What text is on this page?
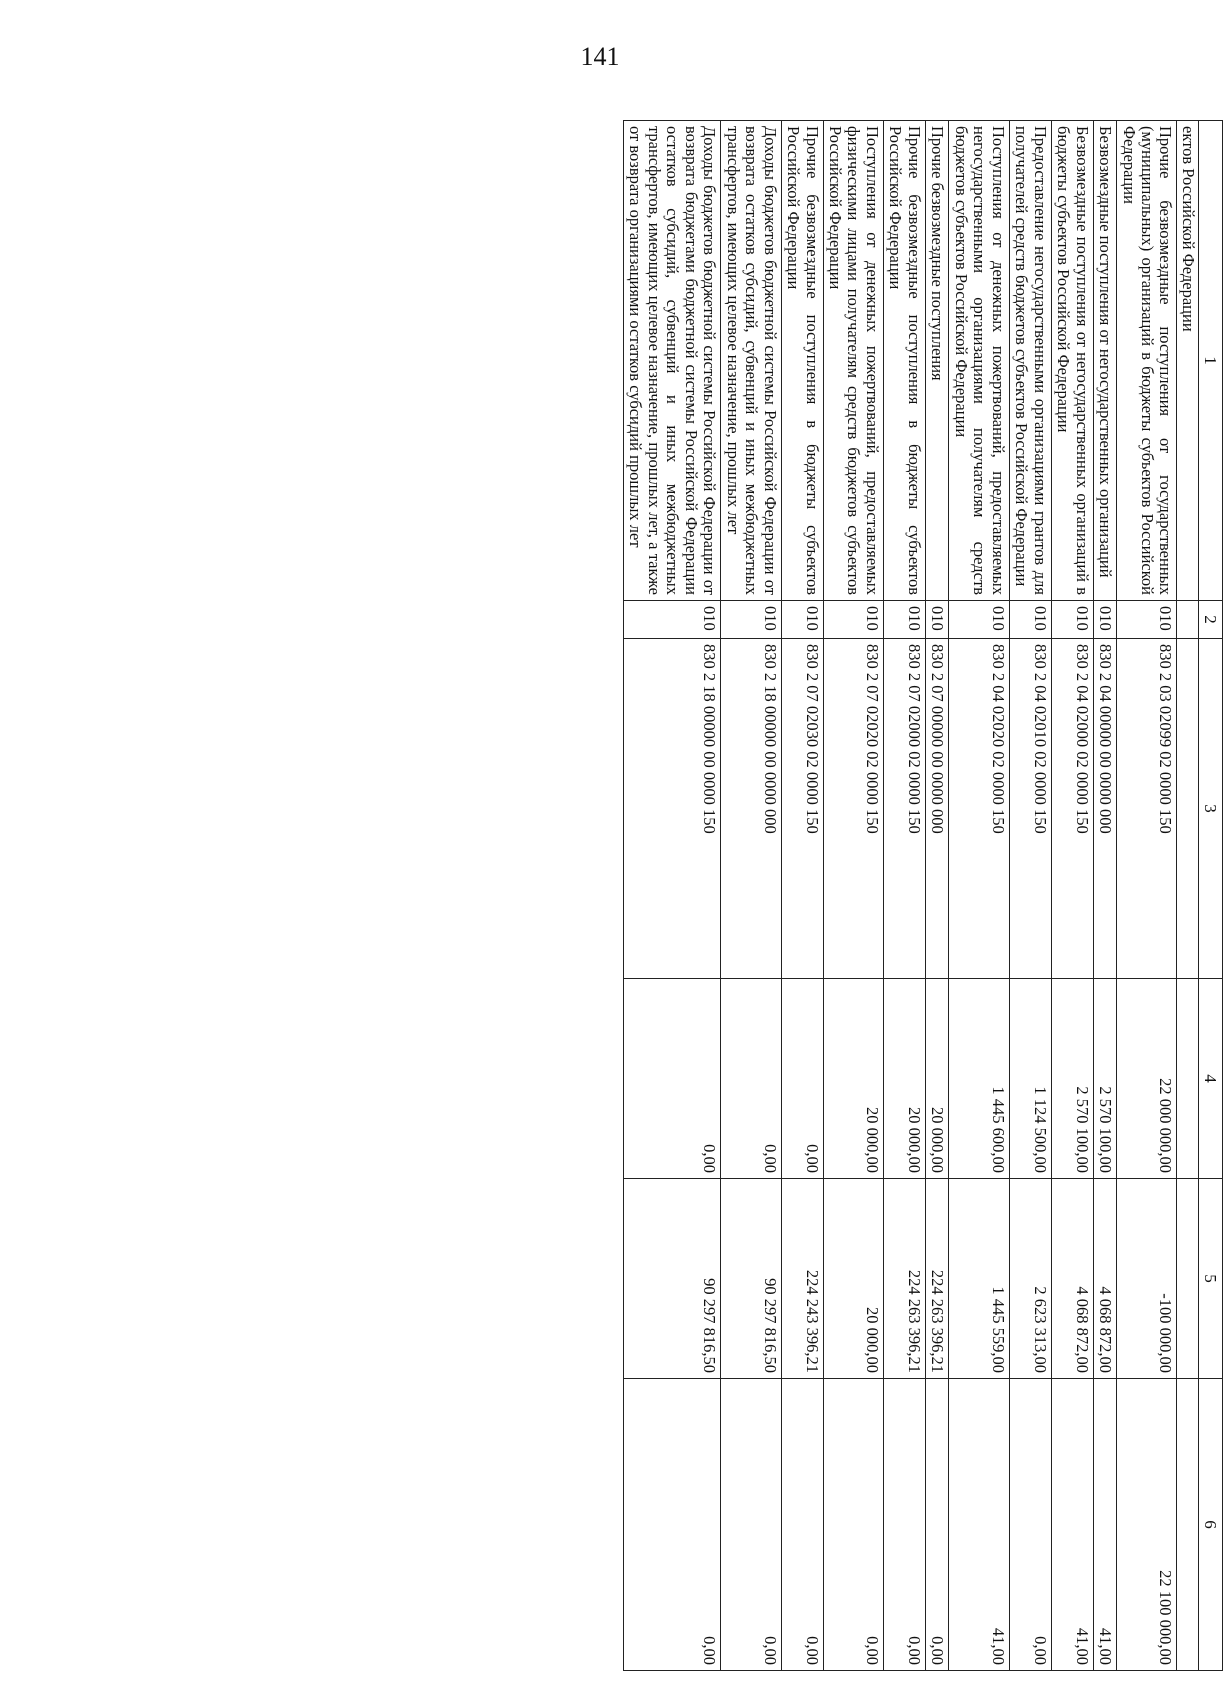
141
1	2	3	4	5	6
ектов Российской Федерации					
Прочие безвозмездные поступления от государственных (муниципальных) организаций в бюджеты субъектов Российской Федерации	010	830 2 03 02099 02 0000 150	22 000 000,00	-100 000,00	22 100 000,00
Безвозмездные поступления от негосударственных организаций	010	830 2 04 00000 00 0000 000	2 570 100,00	4 068 872,00	41,00
Безвозмездные поступления от негосударственных организаций в бюджеты субъектов Российской Федерации	010	830 2 04 02000 02 0000 150	2 570 100,00	4 068 872,00	41,00
Предоставление негосударственными организациями грантов для получателей средств бюджетов субъектов Российской Федерации	010	830 2 04 02010 02 0000 150	1 124 500,00	2 623 313,00	0,00
Поступления от денежных пожертвований, предоставляемых негосударственными организациями получателям средств бюджетов субъектов Российской Федерации	010	830 2 04 02020 02 0000 150	1 445 600,00	1 445 559,00	41,00
Прочие безвозмездные поступления	010	830 2 07 00000 00 0000 000	20 000,00	224 263 396,21	0,00
Прочие безвозмездные поступления в бюджеты субъектов Российской Федерации	010	830 2 07 02000 02 0000 150	20 000,00	224 263 396,21	0,00
Поступления от денежных пожертвований, предоставляемых физическими лицами получателям средств бюджетов субъектов Российской Федерации	010	830 2 07 02020 02 0000 150	20 000,00	20 000,00	0,00
Прочие безвозмездные поступления в бюджеты субъектов Российской Федерации	010	830 2 07 02030 02 0000 150	0,00	224 243 396,21	0,00
Доходы бюджетов бюджетной системы Российской Федерации от возврата остатков субсидий, субвенций и иных межбюджетных трансфертов, имеющих целевое назначение, прошлых лет	010	830 2 18 00000 00 0000 000	0,00	90 297 816,50	0,00
Доходы бюджетов бюджетной системы Российской Федерации от возврата бюджетами бюджетной системы Российской Федерации остатков субсидий, субвенций и иных межбюджетных трансфертов, имеющих целевое назначение, прошлых лет, а также от возврата организациями остатков субсидий прошлых лет	010	830 2 18 00000 00 0000 150	0,00	90 297 816,50	0,00
